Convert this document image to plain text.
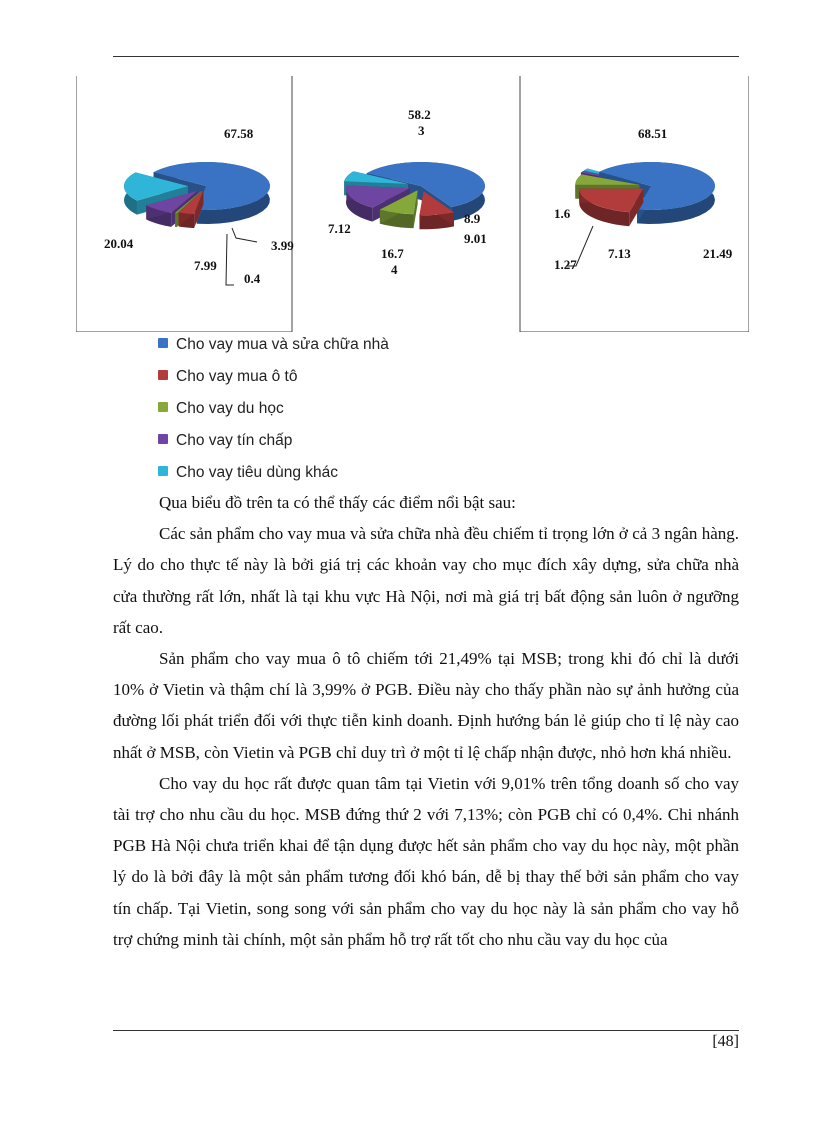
67.58
3.99
0.4
7.99
20.04
58.2 3
8.9
9.01
16.7 4
7.12
68.51
21.49
7.13
1.27
1.6
Cho vay mua và sửa chữa nhà
Cho vay mua ô tô
Cho vay du học
Cho vay tín chấp
Cho vay tiêu dùng khác

Qua biểu đồ trên ta có thể thấy các điểm nổi bật sau:

Các sản phẩm cho vay mua và sửa chữa nhà đều chiếm tỉ trọng lớn ở cả 3 ngân hàng. Lý do cho thực tế này là bởi giá trị các khoản vay cho mục đích xây dựng, sửa chữa nhà cửa thường rất lớn, nhất là tại khu vực Hà Nội, nơi mà giá trị bất động sản luôn ở ngưỡng rất cao.

Sản phẩm cho vay mua ô tô chiếm tới 21,49% tại MSB; trong khi đó chỉ là dưới 10% ở Vietin và thậm chí là 3,99% ở PGB. Điều này cho thấy phần nào sự ảnh hưởng của đường lối phát triển đối với thực tiễn kinh doanh. Định hướng bán lẻ giúp cho tỉ lệ này cao nhất ở MSB, còn Vietin và PGB chỉ duy trì ở một tỉ lệ chấp nhận được, nhỏ hơn khá nhiều.

Cho vay du học rất được quan tâm tại Vietin với 9,01% trên tổng doanh số cho vay tài trợ cho nhu cầu du học. MSB đứng thứ 2 với 7,13%; còn PGB chỉ có 0,4%. Chi nhánh PGB Hà Nội chưa triển khai để tận dụng được hết sản phẩm cho vay du học này, một phần lý do là bởi đây là một sản phẩm tương đối khó bán, dễ bị thay thế bởi sản phẩm cho vay tín chấp. Tại Vietin, song song với sản phẩm cho vay du học này là sản phẩm cho vay hỗ trợ chứng minh tài chính, một sản phẩm hỗ trợ rất tốt cho nhu cầu vay du học của

[48]
